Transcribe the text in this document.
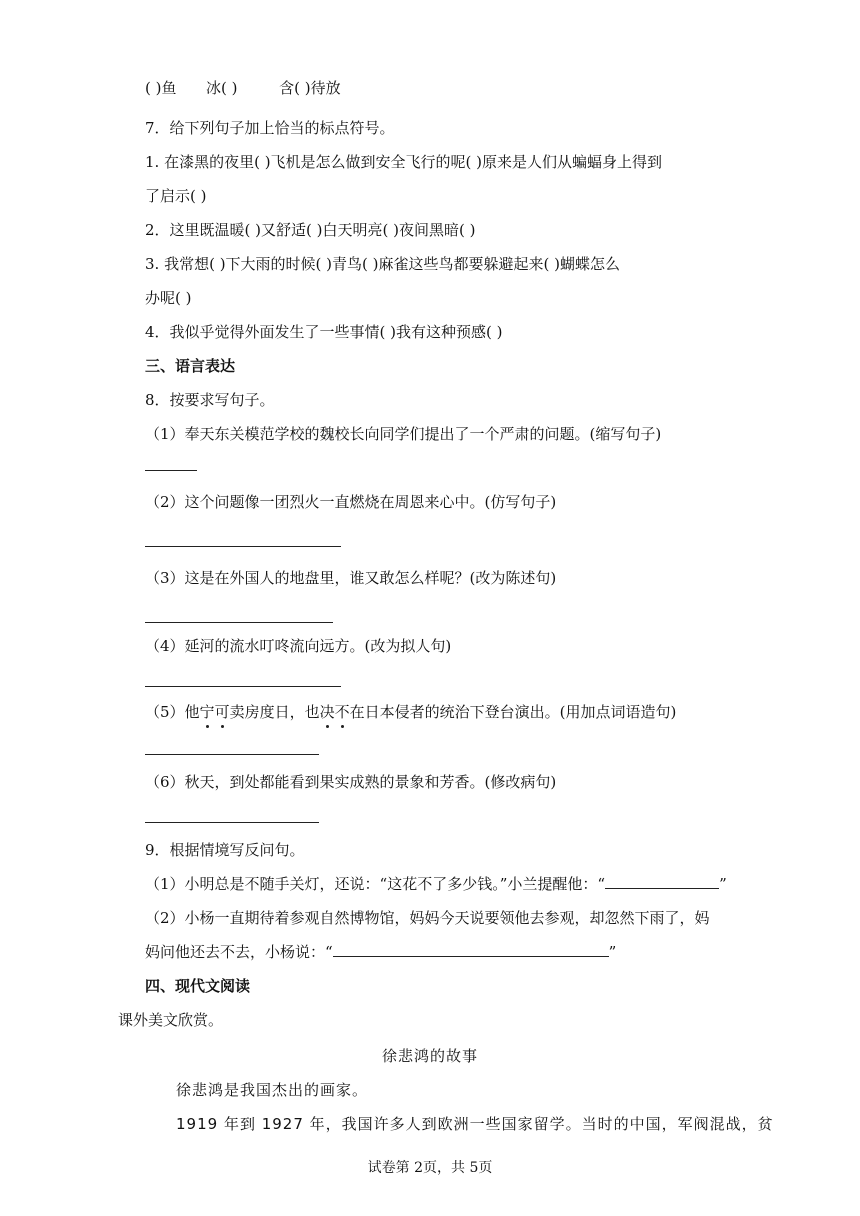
( )鱼 冰( )	含( )待放
7．给下列句子加上恰当的标点符号。
1. 在漆黑的夜里( )飞机是怎么做到安全飞行的呢( )原来是人们从蝙蝠身上得到
了启示( )
2．这里既温暖( )又舒适( )白天明亮( )夜间黑暗( )
3. 我常想( )下大雨的时候( )青鸟( )麻雀这些鸟都要躲避起来( )蝴蝶怎么
办呢( )
4．我似乎觉得外面发生了一些事情( )我有这种预感( )
三、语言表达
8．按要求写句子。
（1）奉天东关模范学校的魏校长向同学们提出了一个严肃的问题。(缩写句子)
（2）这个问题像一团烈火一直燃烧在周恩来心中。(仿写句子)
（3）这是在外国人的地盘里，谁又敢怎么样呢？(改为陈述句)
（4）延河的流水叮咚流向远方。(改为拟人句)
（5）他宁可卖房度日，也决不在日本侵者的统治下登台演出。(用加点词语造句)
（6）秋天，到处都能看到果实成熟的景象和芳香。(修改病句)
9．根据情境写反问句。
（1）小明总是不随手关灯，还说：“这花不了多少钱。”小兰提醒他：“	”
（2）小杨一直期待着参观自然博物馆，妈妈今天说要领他去参观，却忽然下雨了，妈
妈问他还去不去，小杨说：“	”
四、现代文阅读
课外美文欣赏。
徐悲鸿的故事
徐悲鸿是我国杰出的画家。
1919 年到 1927 年，我国许多人到欧洲一些国家留学。当时的中国，军阀混战，贫
试卷第 2页，共 5页
